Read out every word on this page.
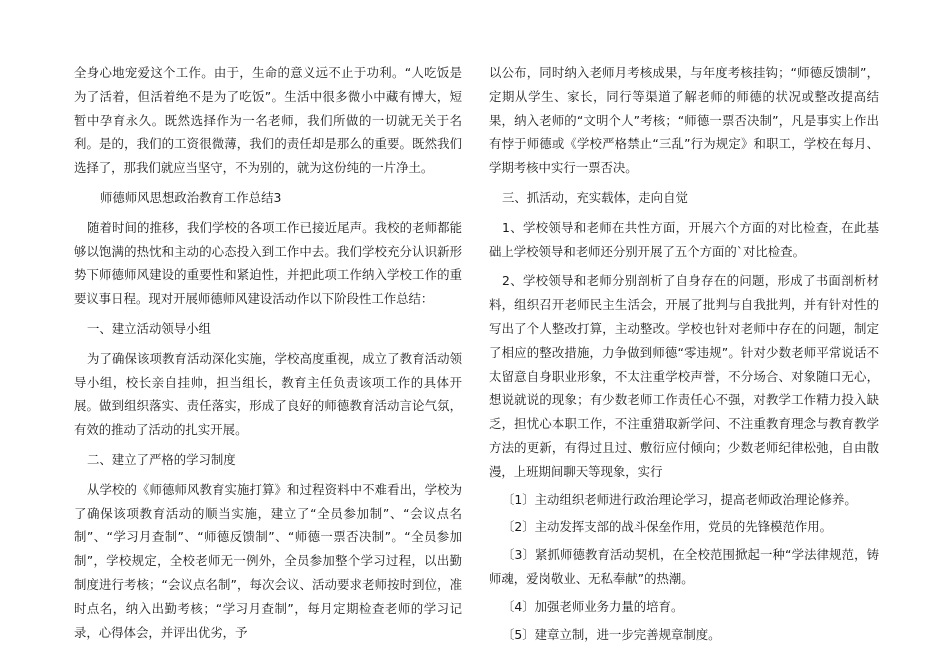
全身心地宠爱这个工作。由于，生命的意义远不止于功利。“人吃饭是为了活着，但活着绝不是为了吃饭”。生活中很多微小中藏有博大，短暂中孕育永久。既然选择作为一名老师，我们所做的一切就无关于名利。是的，我们的工资很微薄，我们的责任却是那么的重要。既然我们选择了，那我们就应当坚守，不为别的，就为这份纯的一片净土。

师德师风思想政治教育工作总结3

随着时间的推移，我们学校的各项工作已接近尾声。我校的老师都能够以饱满的热忱和主动的心态投入到工作中去。我们学校充分认识新形势下师德师风建设的重要性和紧迫性，并把此项工作纳入学校工作的重要议事日程。现对开展师德师风建设活动作以下阶段性工作总结：

一、建立活动领导小组

为了确保该项教育活动深化实施，学校高度重视，成立了教育活动领导小组，校长亲自挂帅，担当组长，教育主任负责该项工作的具体开展。做到组织落实、责任落实，形成了良好的师德教育活动言论气氛，有效的推动了活动的扎实开展。

二、建立了严格的学习制度

从学校的《师德师风教育实施打算》和过程资料中不难看出，学校为了确保该项教育活动的顺当实施，建立了“全员参加制”、“会议点名制”、“学习月查制”、“师德反馈制”、“师德一票否决制”。“全员参加制”，学校规定，全校老师无一例外，全员参加整个学习过程，以出勤制度进行考核；“会议点名制”，每次会议、活动要求老师按时到位，准时点名，纳入出勤考核；“学习月查制”，每月定期检查老师的学习记录，心得体会，并评出优劣，予

以公布，同时纳入老师月考核成果，与年度考核挂钩；“师德反馈制”，定期从学生、家长，同行等渠道了解老师的师德的状况或整改提高结果，纳入老师的“文明个人”考核；“师德一票否决制”，凡是事实上作出有悖于师德或《学校严格禁止“三乱”行为规定》和职工，学校在每月、学期考核中实行一票否决。

三、抓活动，充实载体，走向自觉

1、学校领导和老师在共性方面，开展六个方面的对比检查，在此基础上学校领导和老师还分别开展了五个方面的`对比检查。

2、学校领导和老师分别剖析了自身存在的问题，形成了书面剖析材料，组织召开老师民主生活会，开展了批判与自我批判，并有针对性的写出了个人整改打算，主动整改。学校也针对老师中存在的问题，制定了相应的整改措施，力争做到师德“零违规”。针对少数老师平常说话不太留意自身职业形象，不太注重学校声誉，不分场合、对象随口无心，想说就说的现象；有少数老师工作责任心不强，对教学工作精力投入缺乏，担忧心本职工作，不注重猎取新学问、不注重教育理念与教育教学方法的更新，有得过且过、敷衍应付倾向；少数老师纪律松弛，自由散漫，上班期间聊天等现象，实行

〔1〕主动组织老师进行政治理论学习，提高老师政治理论修养。

〔2〕主动发挥支部的战斗保垒作用，党员的先锋模范作用。

〔3〕紧抓师德教育活动契机，在全校范围掀起一种“学法律规范，铸师魂，爱岗敬业、无私奉献”的热潮。

〔4〕加强老师业务力量的培育。

〔5〕建章立制，进一步完善规章制度。
